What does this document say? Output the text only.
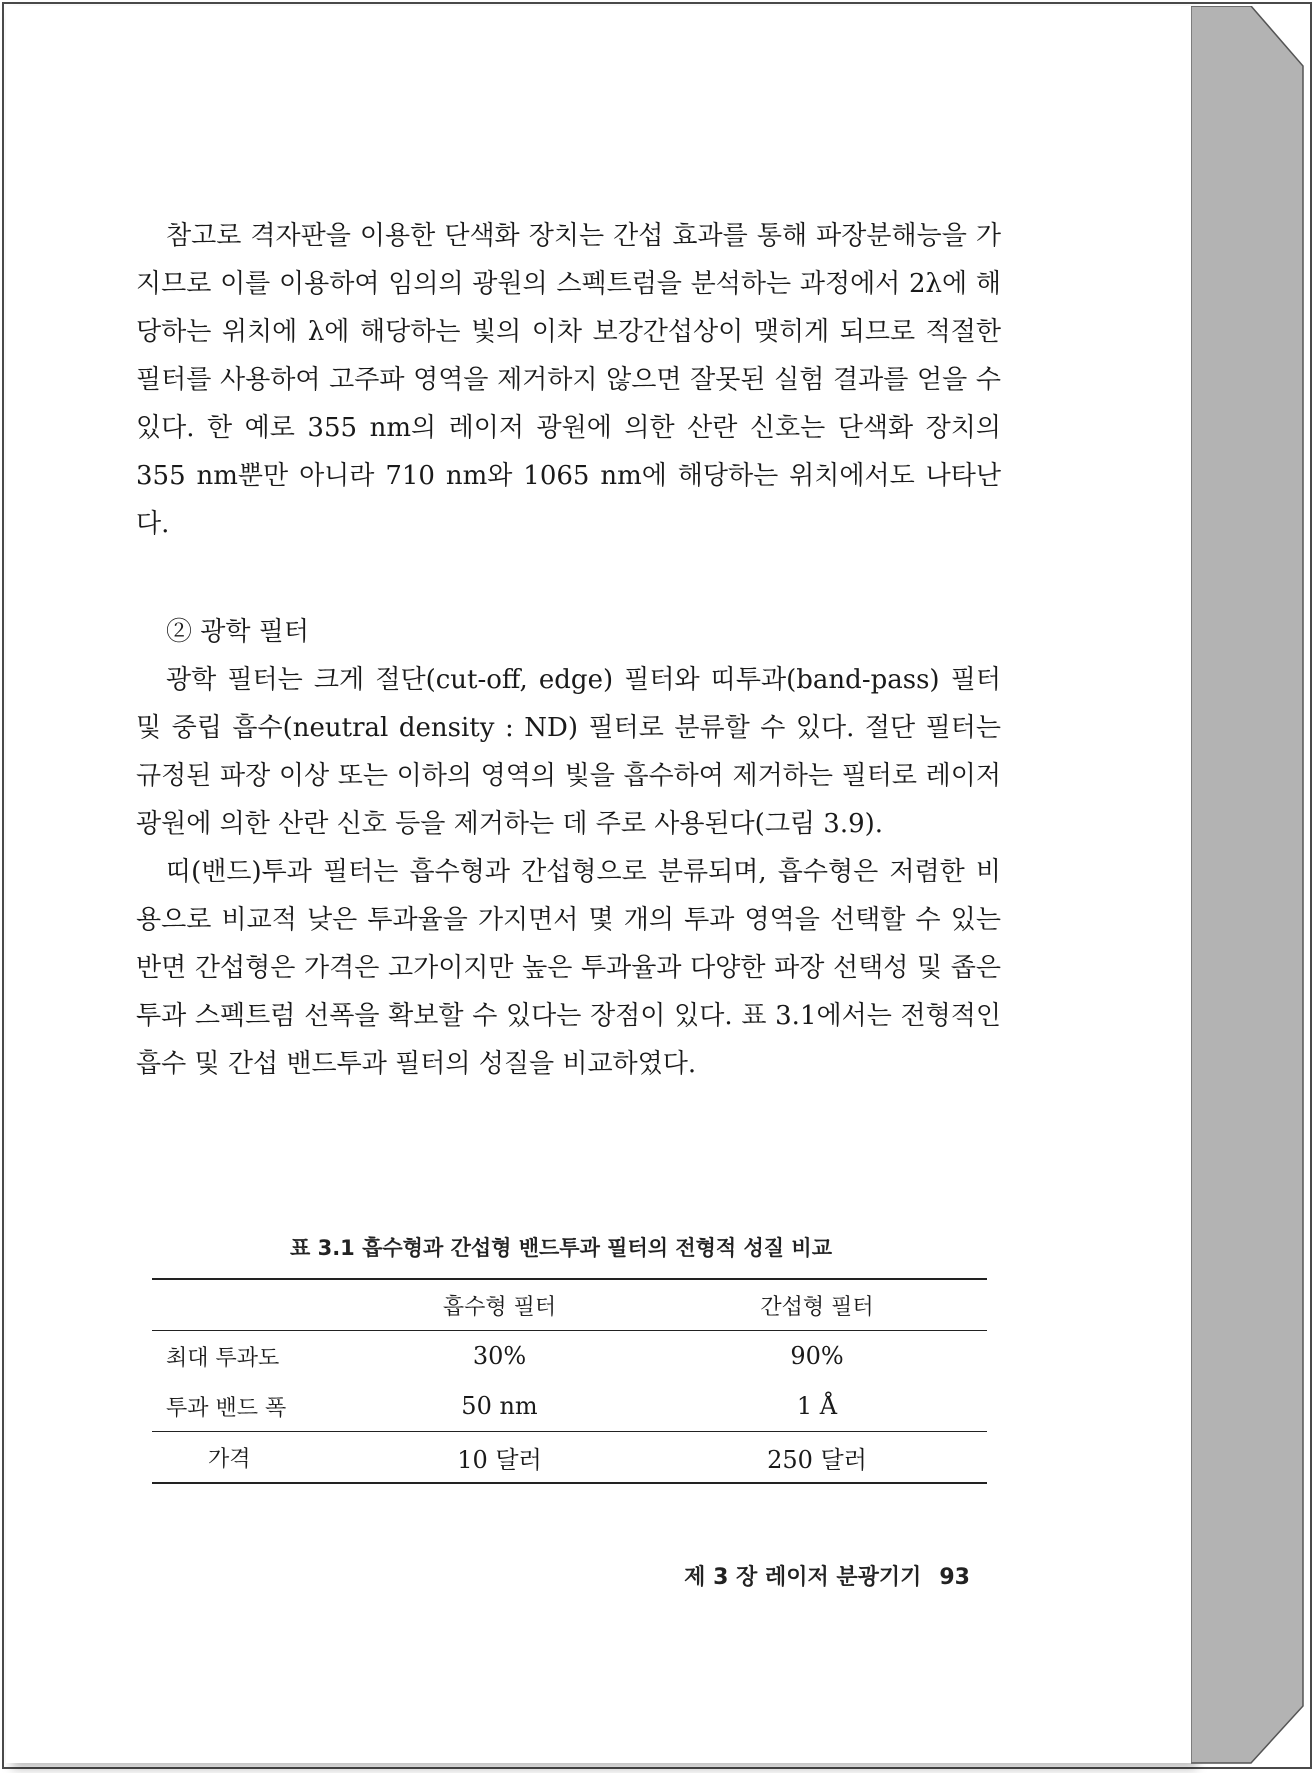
참고로 격자판을 이용한 단색화 장치는 간섭 효과를 통해 파장분해능을 가지므로 이를 이용하여 임의의 광원의 스펙트럼을 분석하는 과정에서 2λ에 해당하는 위치에 λ에 해당하는 빛의 이차 보강간섭상이 맺히게 되므로 적절한 필터를 사용하여 고주파 영역을 제거하지 않으면 잘못된 실험 결과를 얻을 수 있다. 한 예로 355 nm의 레이저 광원에 의한 산란 신호는 단색화 장치의 355 nm뿐만 아니라 710 nm와 1065 nm에 해당하는 위치에서도 나타난다.

② 광학 필터

광학 필터는 크게 절단(cut-off, edge) 필터와 띠투과(band-pass) 필터 및 중립 흡수(neutral density : ND) 필터로 분류할 수 있다. 절단 필터는 규정된 파장 이상 또는 이하의 영역의 빛을 흡수하여 제거하는 필터로 레이저 광원에 의한 산란 신호 등을 제거하는 데 주로 사용된다(그림 3.9).

띠(밴드)투과 필터는 흡수형과 간섭형으로 분류되며, 흡수형은 저렴한 비용으로 비교적 낮은 투과율을 가지면서 몇 개의 투과 영역을 선택할 수 있는 반면 간섭형은 가격은 고가이지만 높은 투과율과 다양한 파장 선택성 및 좁은 투과 스펙트럼 선폭을 확보할 수 있다는 장점이 있다. 표 3.1에서는 전형적인 흡수 및 간섭 밴드투과 필터의 성질을 비교하였다.

표 3.1 흡수형과 간섭형 밴드투과 필터의 전형적 성질 비교
	흡수형 필터	간섭형 필터
최대 투과도	30%	90%
투과 밴드 폭	50 nm	1 Å
가격	10 달러	250 달러
제 3 장 레이저 분광기기 93
